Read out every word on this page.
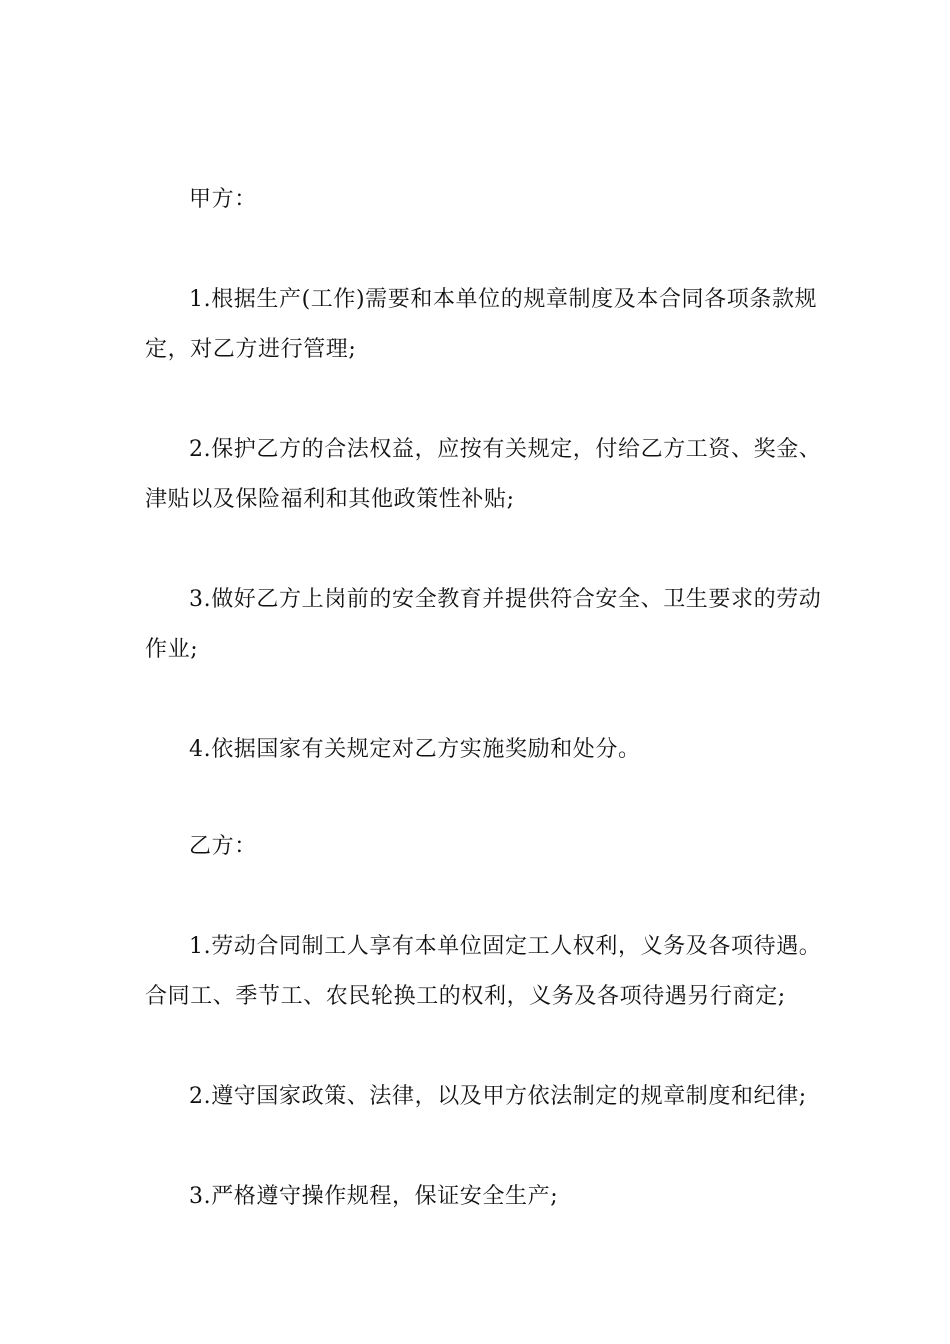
甲方：

1.根据生产(工作)需要和本单位的规章制度及本合同各项条款规定，对乙方进行管理;

2.保护乙方的合法权益，应按有关规定，付给乙方工资、奖金、津贴以及保险福利和其他政策性补贴;

3.做好乙方上岗前的安全教育并提供符合安全、卫生要求的劳动作业;

4.依据国家有关规定对乙方实施奖励和处分。

乙方：

1.劳动合同制工人享有本单位固定工人权利，义务及各项待遇。合同工、季节工、农民轮换工的权利，义务及各项待遇另行商定;

2.遵守国家政策、法律，以及甲方依法制定的规章制度和纪律;

3.严格遵守操作规程，保证安全生产;
